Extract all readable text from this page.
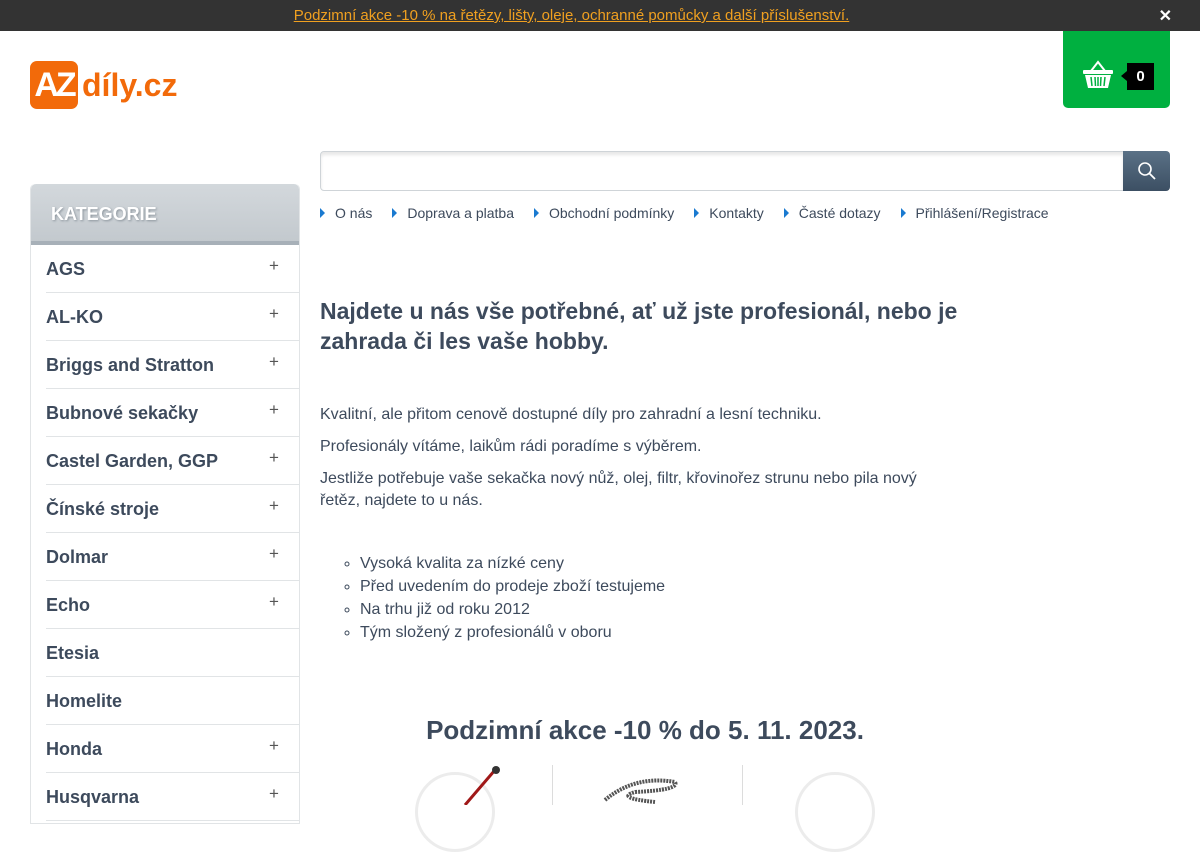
Podzimní akce -10 % na řetězy, lišty, oleje, ochranné pomůcky a další příslušenství.	✕
AZ díly.cz	0
O nás	Doprava a platba	Obchodní podmínky	Kontakty	Časté dotazy	Přihlášení/Registrace
KATEGORIE
AGS	+
AL-KO	+
Briggs and Stratton	+
Bubnové sekačky	+
Castel Garden, GGP	+
Čínské stroje	+
Dolmar	+
Echo	+
Etesia
Homelite
Honda	+
Husqvarna	+
Najdete u nás vše potřebné, ať už jste profesionál, nebo je zahrada či les vaše hobby.

Kvalitní, ale přitom cenově dostupné díly pro zahradní a lesní techniku.

Profesionály vítáme, laikům rádi poradíme s výběrem.

Jestliže potřebuje vaše sekačka nový nůž, olej, filtr, křovinořez strunu nebo pila nový řetěz, najdete to u nás.

◦ Vysoká kvalita za nízké ceny
◦ Před uvedením do prodeje zboží testujeme
◦ Na trhu již od roku 2012
◦ Tým složený z profesionálů v oboru
Podzimní akce -10 % do 5. 11. 2023.
